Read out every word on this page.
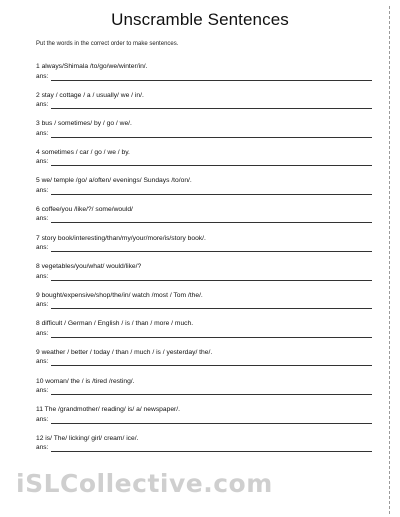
Unscramble Sentences
Put the words in the correct order to make sentences.
1 always/Shimala /to/go/we/winter/in/.
ans:
2 stay / cottage / a / usually/ we / in/.
ans:
3 bus / sometimes/ by / go / we/.
ans:
4 sometimes / car / go / we / by.
ans:
5 we/ temple /go/ a/often/ evenings/ Sundays /to/on/.
ans:
6 coffee/you /like/?/ some/would/
ans:
7 story book/interesting/than/my/your/more/is/story book/.
ans:
8 vegetables/you/what/ would/like/?
ans:
9 bought/expensive/shop/the/in/ watch /most / Tom /the/.
ans:
8 difficult / German / English / is / than / more / much.
ans:
9 weather / better / today / than / much / is / yesterday/ the/.
ans:
10 woman/ the / is /tired /resting/.
ans:
11 The /grandmother/ reading/ is/ a/ newspaper/.
ans:
12 is/ The/ licking/ girl/ cream/ ice/.
ans:
iSLCollective.com
